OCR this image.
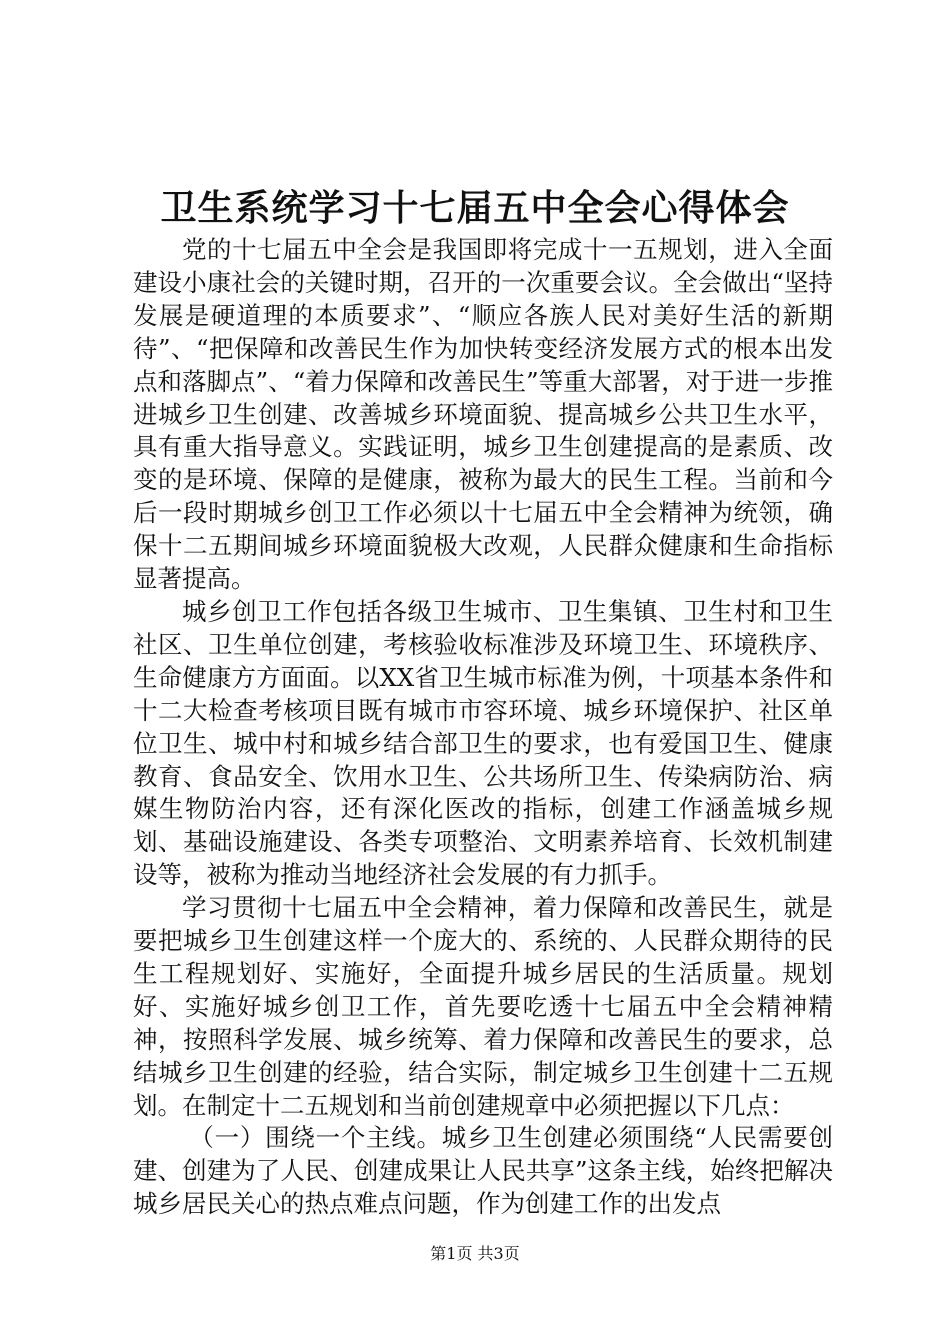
卫生系统学习十七届五中全会心得体会

党的十七届五中全会是我国即将完成十一五规划，进入全面建设小康社会的关键时期，召开的一次重要会议。全会做出“坚持发展是硬道理的本质要求”、“顺应各族人民对美好生活的新期待”、“把保障和改善民生作为加快转变经济发展方式的根本出发点和落脚点”、“着力保障和改善民生”等重大部署，对于进一步推进城乡卫生创建、改善城乡环境面貌、提高城乡公共卫生水平，具有重大指导意义。实践证明，城乡卫生创建提高的是素质、改变的是环境、保障的是健康，被称为最大的民生工程。当前和今后一段时期城乡创卫工作必须以十七届五中全会精神为统领，确保十二五期间城乡环境面貌极大改观，人民群众健康和生命指标显著提高。

城乡创卫工作包括各级卫生城市、卫生集镇、卫生村和卫生社区、卫生单位创建，考核验收标准涉及环境卫生、环境秩序、生命健康方方面面。以XX省卫生城市标准为例，十项基本条件和十二大检查考核项目既有城市市容环境、城乡环境保护、社区单位卫生、城中村和城乡结合部卫生的要求，也有爱国卫生、健康教育、食品安全、饮用水卫生、公共场所卫生、传染病防治、病媒生物防治内容，还有深化医改的指标，创建工作涵盖城乡规划、基础设施建设、各类专项整治、文明素养培育、长效机制建设等，被称为推动当地经济社会发展的有力抓手。

学习贯彻十七届五中全会精神，着力保障和改善民生，就是要把城乡卫生创建这样一个庞大的、系统的、人民群众期待的民生工程规划好、实施好，全面提升城乡居民的生活质量。规划好、实施好城乡创卫工作，首先要吃透十七届五中全会精神精神，按照科学发展、城乡统筹、着力保障和改善民生的要求，总结城乡卫生创建的经验，结合实际，制定城乡卫生创建十二五规划。在制定十二五规划和当前创建规章中必须把握以下几点：

（一）围绕一个主线。城乡卫生创建必须围绕“人民需要创建、创建为了人民、创建成果让人民共享”这条主线，始终把解决城乡居民关心的热点难点问题，作为创建工作的出发点

第1页 共3页
